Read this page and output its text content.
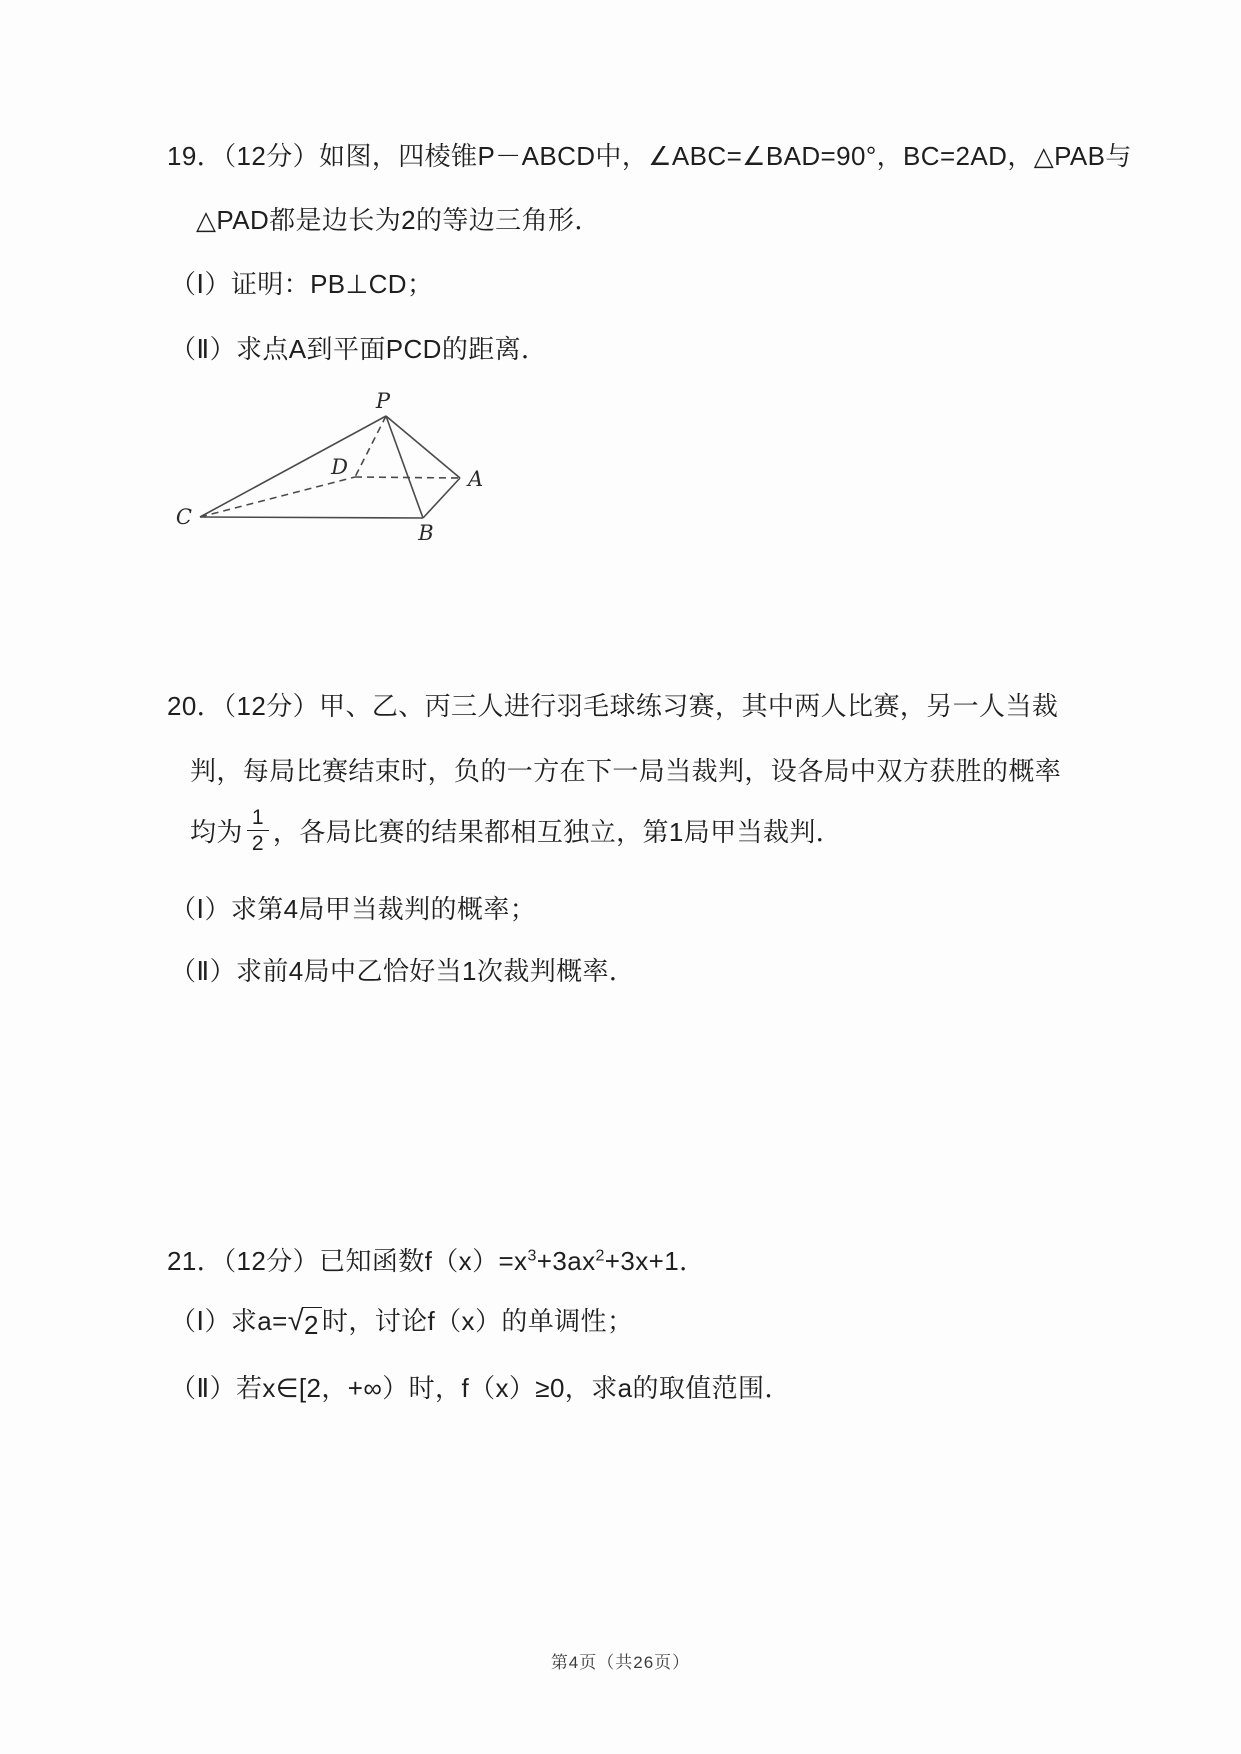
19．（12分）如图，四棱锥P－ABCD中，∠ABC=∠BAD=90°，BC=2AD，△PAB与
△PAD都是边长为2的等边三角形．
（Ⅰ）证明：PB⊥CD；
（Ⅱ）求点A到平面PCD的距离．
P
D	A
C
B
20．（12分）甲、乙、丙三人进行羽毛球练习赛，其中两人比赛，另一人当裁
判，每局比赛结束时，负的一方在下一局当裁判，设各局中双方获胜的概率
均为 $\frac{1}{2}$ ，各局比赛的结果都相互独立，第1局甲当裁判．
（Ⅰ）求第4局甲当裁判的概率；
（Ⅱ）求前4局中乙恰好当1次裁判概率．
21．（12分）已知函数$f(x)=x^3+3ax^2+3x+1$．
（Ⅰ）求a= √ 2 时，讨论f（x）的单调性；
（Ⅱ）若x∈[2，+∞）时，f（x）≥0，求a的取值范围．
第4页（共26页）
